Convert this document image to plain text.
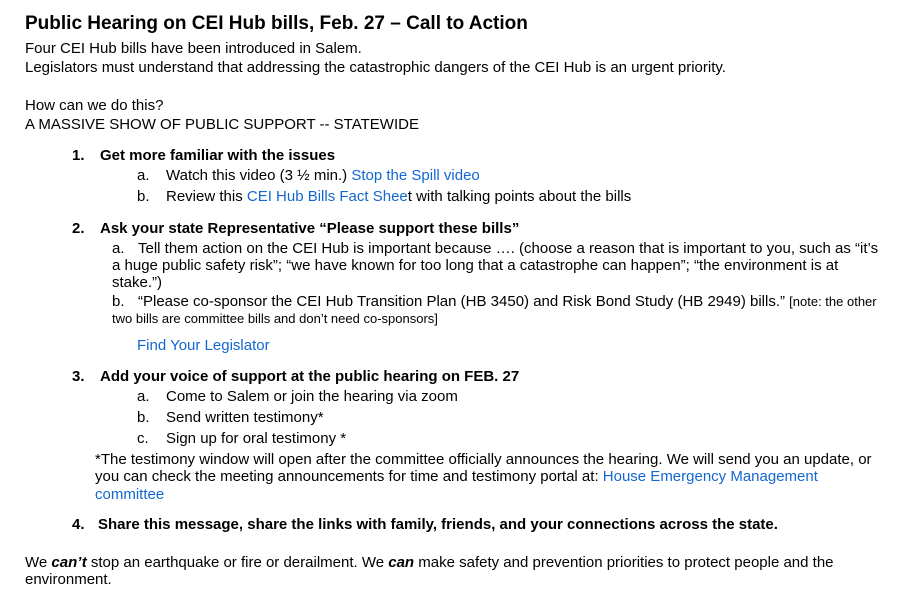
Public Hearing on CEI Hub bills, Feb. 27 – Call to Action

Four CEI Hub bills have been introduced in Salem.

Legislators must understand that addressing the catastrophic dangers of the CEI Hub is an urgent priority.

How can we do this?

A MASSIVE SHOW OF PUBLIC SUPPORT -- STATEWIDE

1.	Get more familiar with the issues
a.	Watch this video (3 ½ min.) Stop the Spill video
b.	Review this CEI Hub Bills Fact Sheet with talking points about the bills
2.	Ask your state Representative “Please support these bills”

a. Tell them action on the CEI Hub is important because …. (choose a reason that is important to you, such as “it’s a huge public safety risk”; “we have known for too long that a catastrophe can happen”; “the environment is at stake.”)

b. “Please co-sponsor the CEI Hub Transition Plan (HB 3450) and Risk Bond Study (HB 2949) bills.” [note: the other two bills are committee bills and don’t need co-sponsors]

Find Your Legislator
3.	Add your voice of support at the public hearing on FEB. 27
a.	Come to Salem or join the hearing via zoom
b.	Send written testimony*
c.	Sign up for oral testimony *

*The testimony window will open after the committee officially announces the hearing. We will send you an update, or you can check the meeting announcements for time and testimony portal at: House Emergency Management committee

4. Share this message, share the links with family, friends, and your connections across the state.

We can’t stop an earthquake or fire or derailment. We can make safety and prevention priorities to protect people and the environment.
